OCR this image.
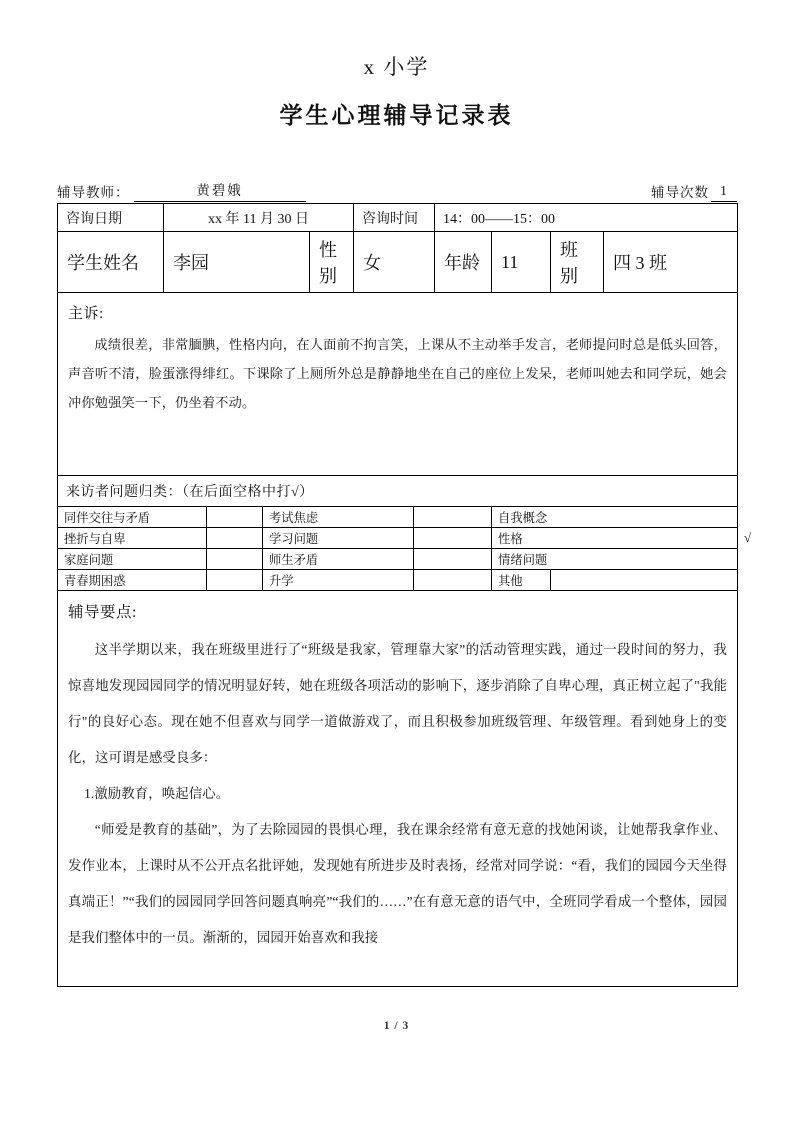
x 小学
学生心理辅导记录表
辅导教师：	黄碧娥	辅导次数 1
咨询日期	xx 年 11 月 30 日				咨询时间		14：00——15：00				

学生姓名	李园			性别	女		年龄	11	班别	四 3 班	

主诉:

成绩很差，非常腼腆，性格内向，在人面前不拘言笑，上课从不主动举手发言，老师提问时总是低头回答，声音听不清，脸蛋涨得绯红。下课除了上厕所外总是静静地坐在自己的座位上发呆，老师叫她去和同学玩，她会冲你勉强笑一下，仍坐着不动。											

来访者问题归类：（在后面空格中打√）											

同伴交往与矛盾			考试焦虑					自我概念			

挫折与自卑			学习问题					性格			√

家庭问题			师生矛盾					情绪问题			

青春期困惑			升学					其他			

辅导要点:

这半学期以来，我在班级里进行了“班级是我家，管理靠大家”的活动管理实践，通过一段时间的努力，我惊喜地发现园园同学的情况明显好转，她在班级各项活动的影响下，逐步消除了自卑心理，真正树立起了"我能行"的良好心态。现在她不但喜欢与同学一道做游戏了，而且积极参加班级管理、年级管理。看到她身上的变化，这可谓是感受良多：

1.激励教育，唤起信心。

“师爱是教育的基础”，为了去除园园的畏惧心理，我在课余经常有意无意的找她闲谈，让她帮我拿作业、发作业本，上课时从不公开点名批评她，发现她有所进步及时表扬，经常对同学说：“看，我们的园园今天坐得真端正！”“我们的园园同学回答问题真响亮”“我们的……”在有意无意的语气中，全班同学看成一个整体，园园是我们整体中的一员。渐渐的，园园开始喜欢和我接											

1 / 3
